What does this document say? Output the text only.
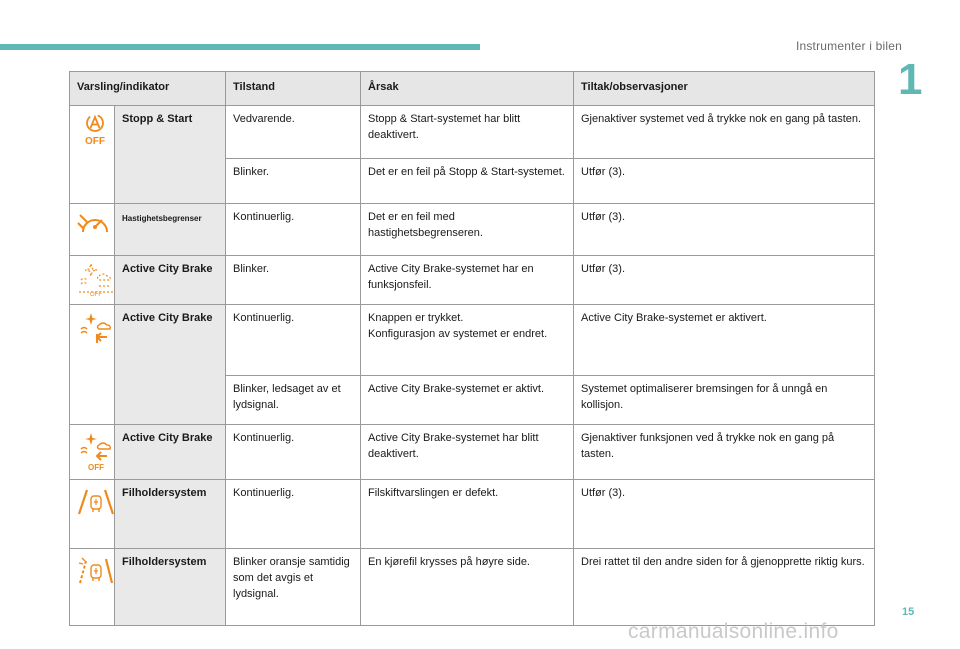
Instrumenter i bilen
1
Varsling/indikator		Tilstand	Årsak	Tiltak/observasjoner

OFF	Stopp & Start	Vedvarende.	Stopp & Start-systemet har blitt deaktivert.	Gjenaktiver systemet ved å trykke nok en gang på tasten.
		Blinker.	Det er en feil på Stopp & Start-systemet.	Utfør (3).

	Hastighetsbegrenser	Kontinuerlig.	Det er en feil med hastighetsbegrenseren.	Utfør (3).

OFF	Active City Brake	Blinker.	Active City Brake-systemet har en funksjonsfeil.	Utfør (3).

	Active City Brake	Kontinuerlig.	Knappen er trykket.
Konfigurasjon av systemet er endret.	Active City Brake-systemet er aktivert.
		Blinker, ledsaget av et lydsignal.	Active City Brake-systemet er aktivt.	Systemet optimaliserer bremsingen for å unngå en kollisjon.

OFF	Active City Brake	Kontinuerlig.	Active City Brake-systemet har blitt deaktivert.	Gjenaktiver funksjonen ved å trykke nok en gang på tasten.

	Filholdersystem	Kontinuerlig.	Filskiftvarslingen er defekt.	Utfør (3).

	Filholdersystem	Blinker oransje samtidig som det avgis et lydsignal.	En kjørefil krysses på høyre side.	Drei rattet til den andre siden for å gjenopprette riktig kurs.
15
carmanualsonline.info
